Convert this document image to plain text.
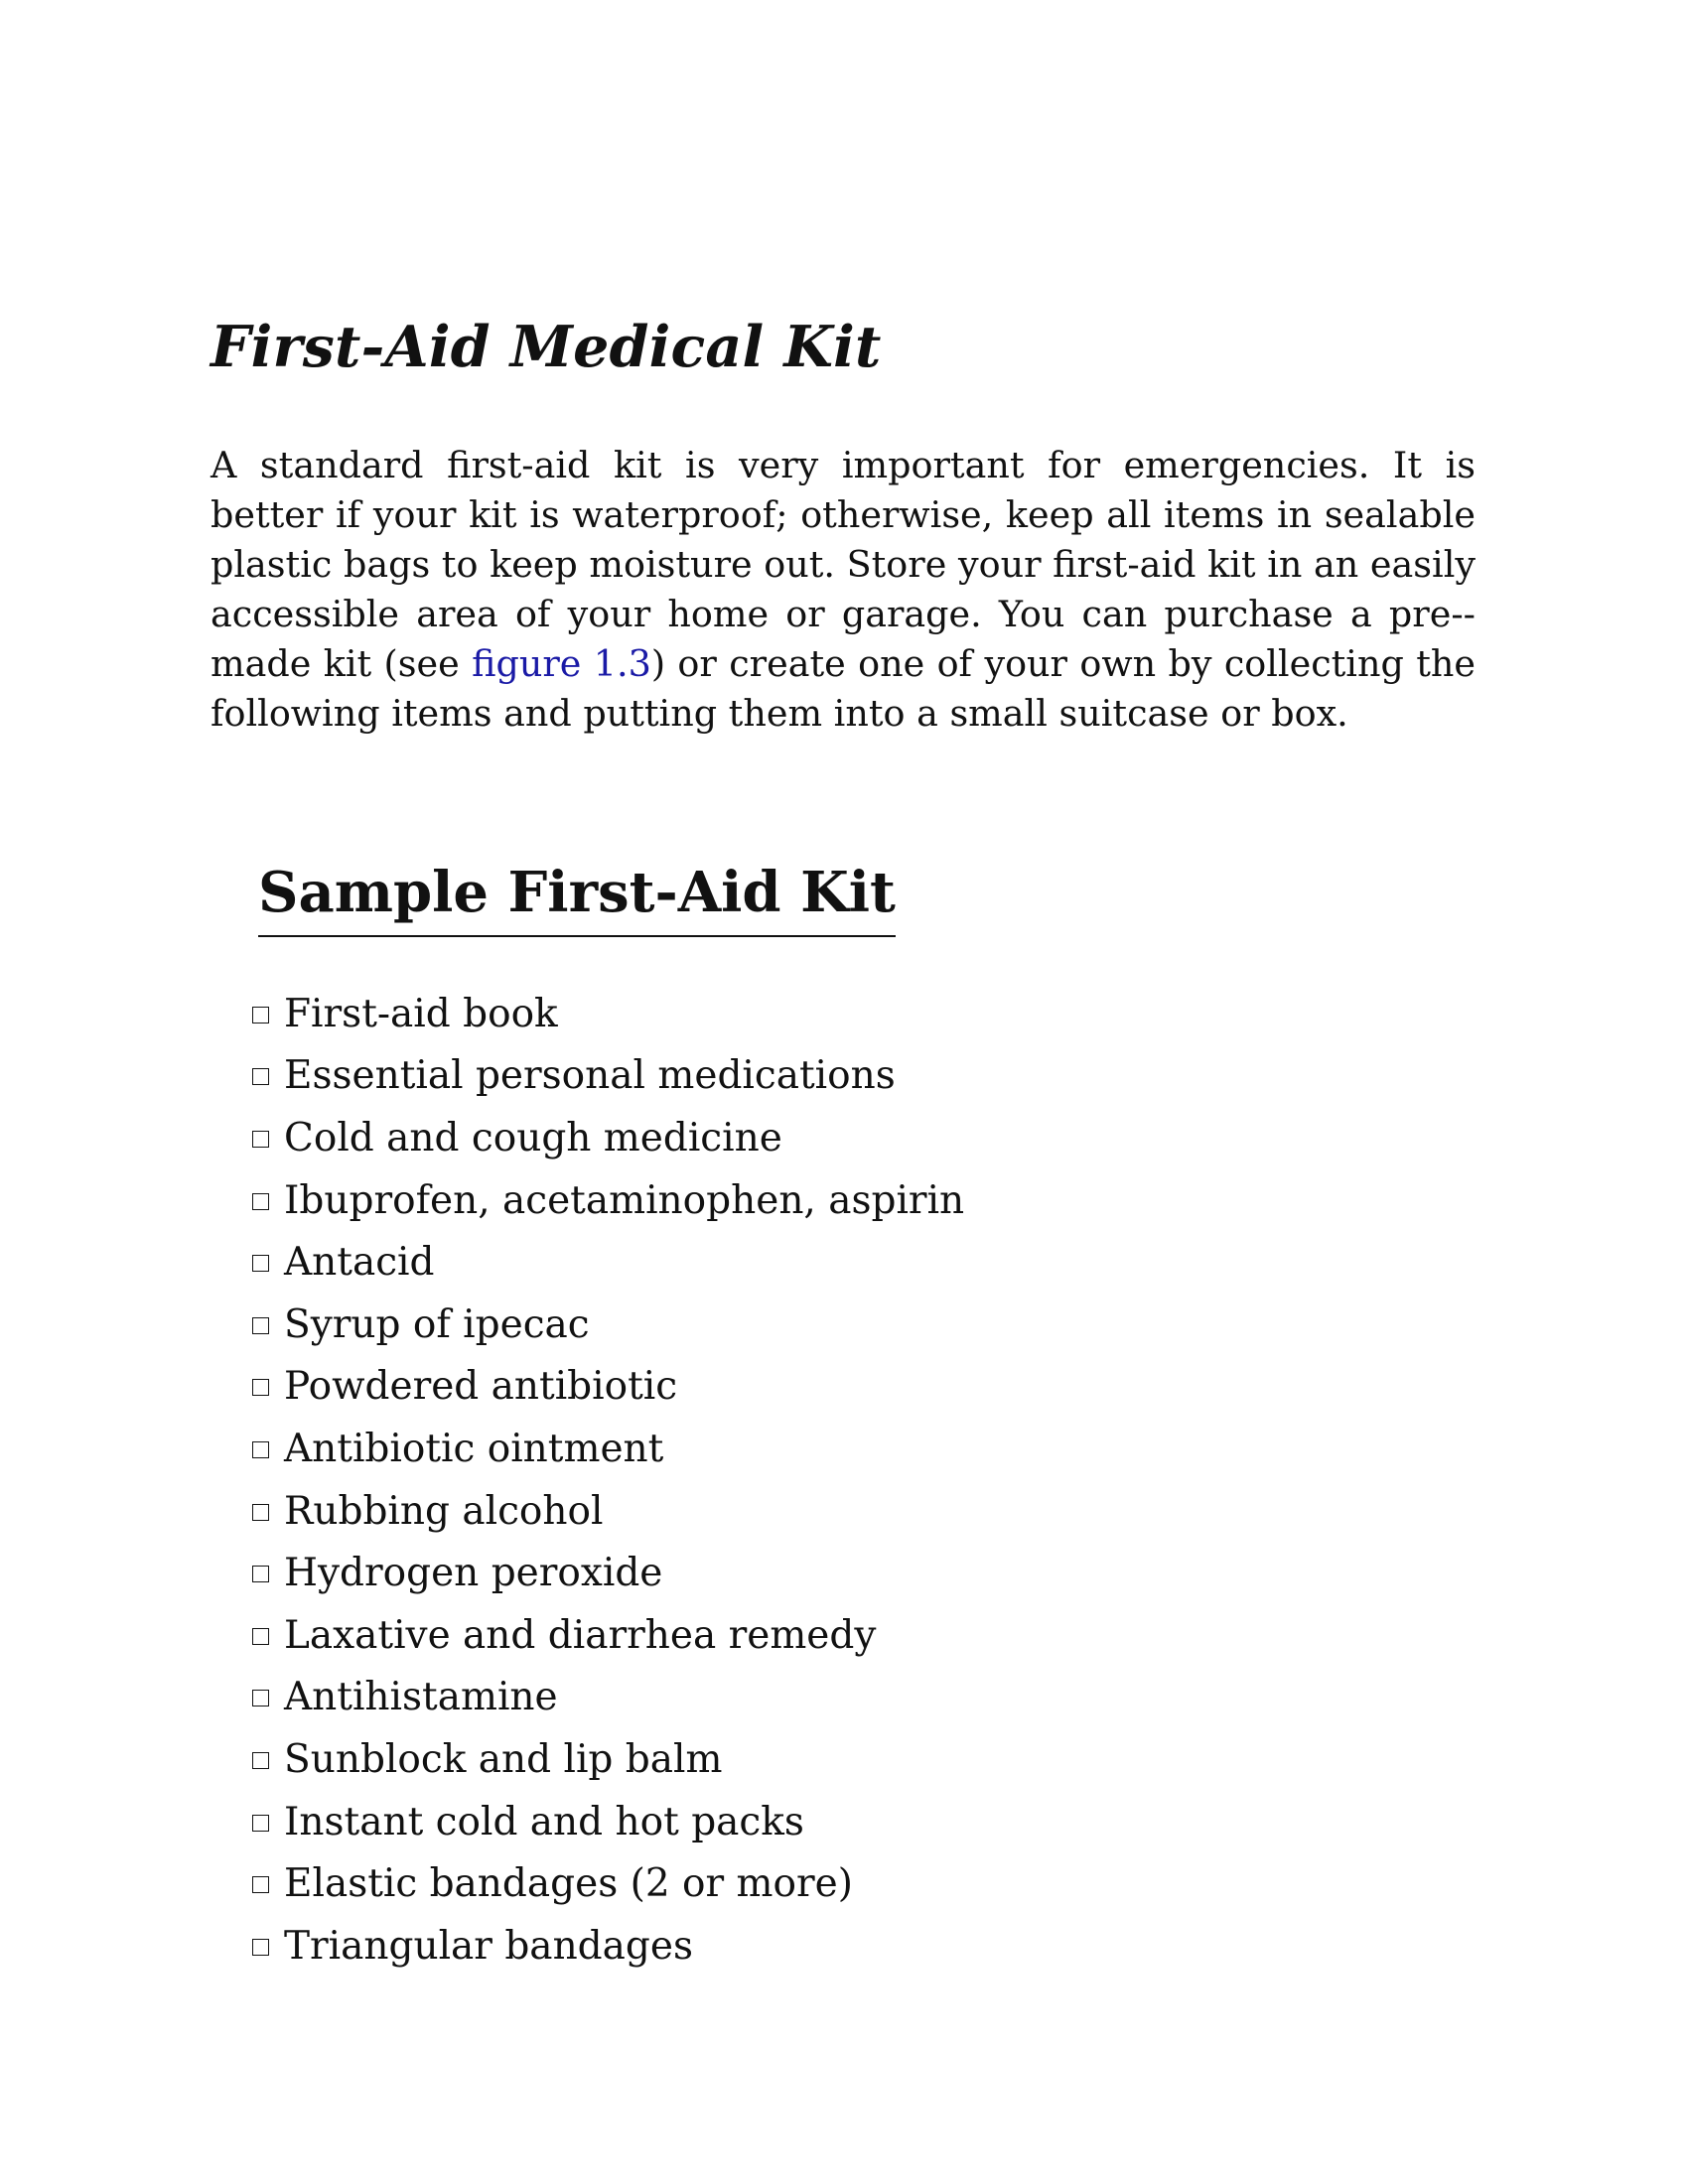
First-Aid Medical Kit

A standard first-aid kit is very important for emergencies. It is better if your kit is waterproof; otherwise, keep all items in sealable plastic bags to keep moisture out. Store your first-aid kit in an easily accessible area of your home or garage. You can purchase a pre-made kit (see figure 1.3) or create one of your own by collecting the following items and putting them into a small suitcase or box.

Sample First-Aid Kit
First-aid book
Essential personal medications
Cold and cough medicine
Ibuprofen, acetaminophen, aspirin
Antacid
Syrup of ipecac
Powdered antibiotic
Antibiotic ointment
Rubbing alcohol
Hydrogen peroxide
Laxative and diarrhea remedy
Antihistamine
Sunblock and lip balm
Instant cold and hot packs
Elastic bandages (2 or more)
Triangular bandages
